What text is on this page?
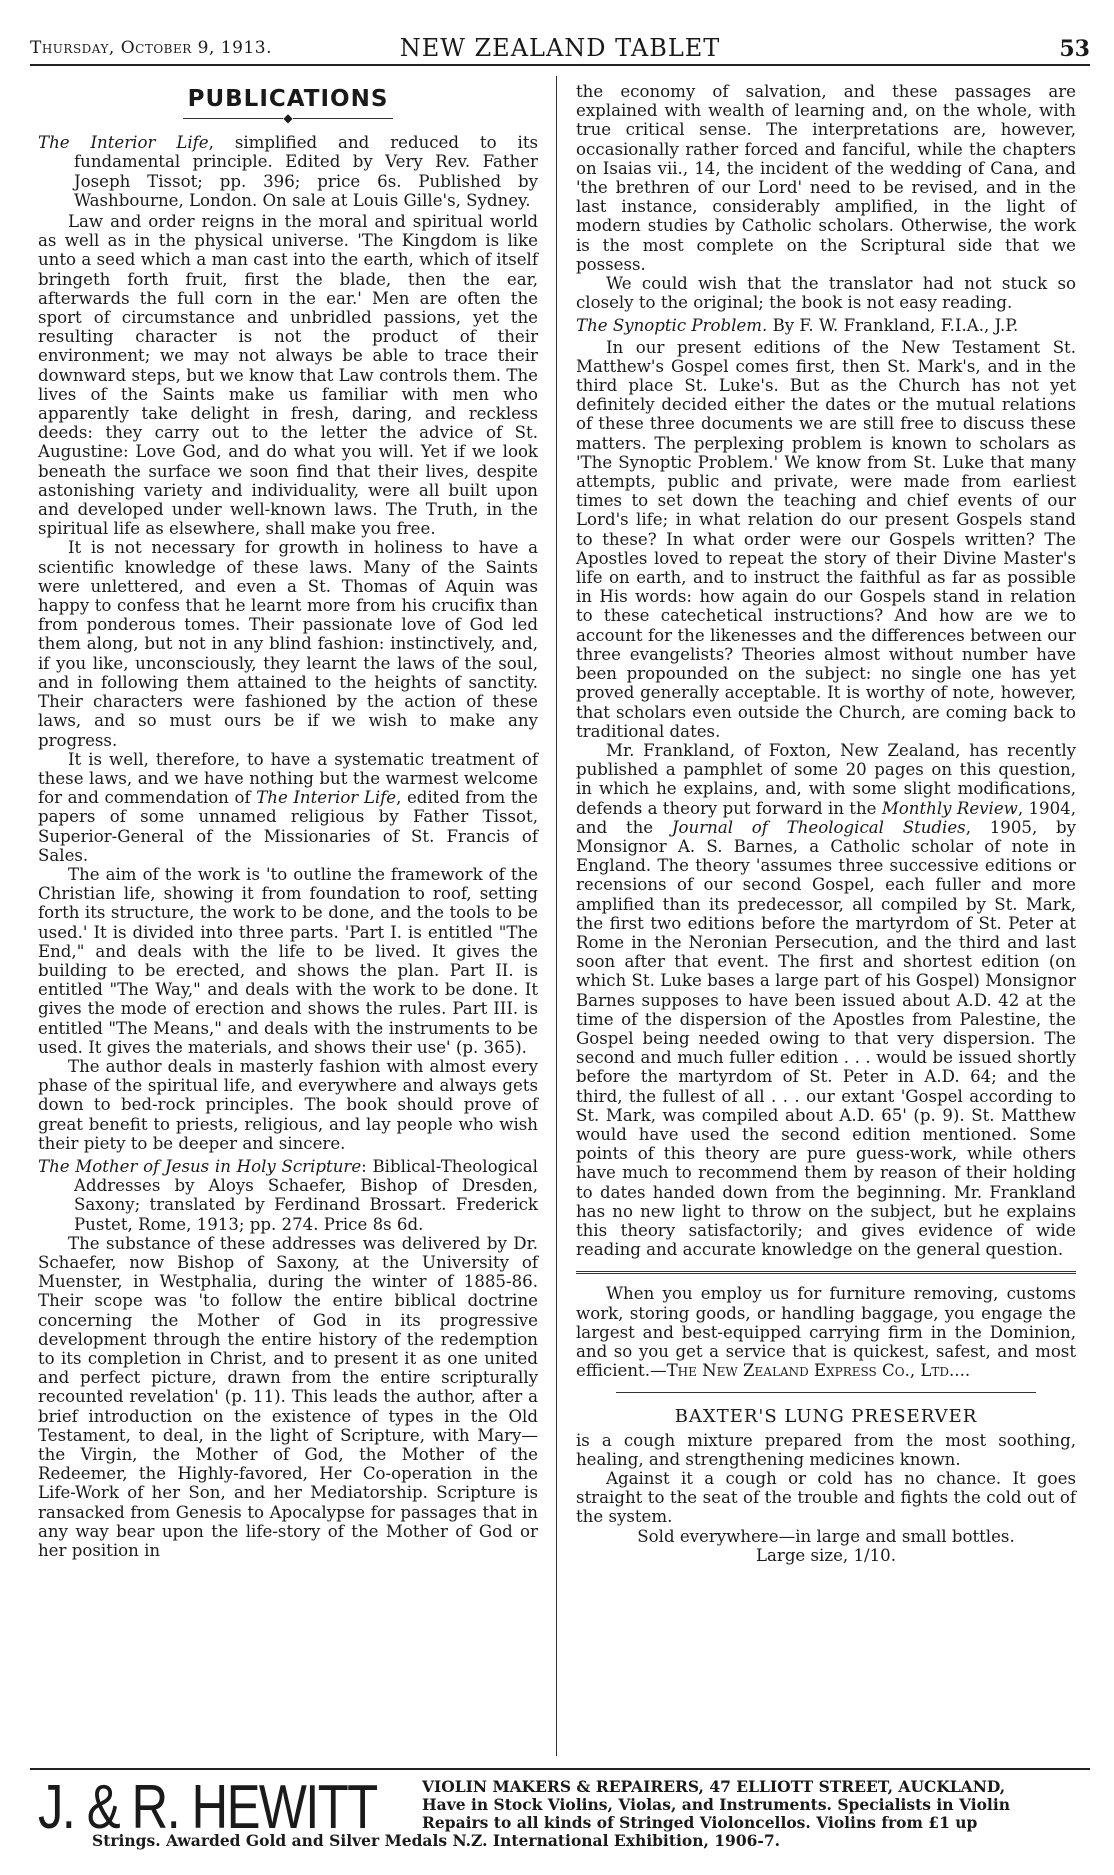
Thursday, October 9, 1913.	NEW ZEALAND TABLET	53
PUBLICATIONS
◆

The Interior Life, simplified and reduced to its fundamental principle. Edited by Very Rev. Father Joseph Tissot; pp. 396; price 6s. Published by Washbourne, London. On sale at Louis Gille's, Sydney.

Law and order reigns in the moral and spiritual world as well as in the physical universe. 'The Kingdom is like unto a seed which a man cast into the earth, which of itself bringeth forth fruit, first the blade, then the ear, afterwards the full corn in the ear.' Men are often the sport of circumstance and unbridled passions, yet the resulting character is not the product of their environment; we may not always be able to trace their downward steps, but we know that Law controls them. The lives of the Saints make us familiar with men who apparently take delight in fresh, daring, and reckless deeds: they carry out to the letter the advice of St. Augustine: Love God, and do what you will. Yet if we look beneath the surface we soon find that their lives, despite astonishing variety and individuality, were all built upon and developed under well-known laws. The Truth, in the spiritual life as elsewhere, shall make you free.

It is not necessary for growth in holiness to have a scientific knowledge of these laws. Many of the Saints were unlettered, and even a St. Thomas of Aquin was happy to confess that he learnt more from his crucifix than from ponderous tomes. Their passionate love of God led them along, but not in any blind fashion: instinctively, and, if you like, unconsciously, they learnt the laws of the soul, and in following them attained to the heights of sanctity. Their characters were fashioned by the action of these laws, and so must ours be if we wish to make any progress.

It is well, therefore, to have a systematic treatment of these laws, and we have nothing but the warmest welcome for and commendation of The Interior Life, edited from the papers of some unnamed religious by Father Tissot, Superior-General of the Missionaries of St. Francis of Sales.

The aim of the work is 'to outline the framework of the Christian life, showing it from foundation to roof, setting forth its structure, the work to be done, and the tools to be used.' It is divided into three parts. 'Part I. is entitled "The End," and deals with the life to be lived. It gives the building to be erected, and shows the plan. Part II. is entitled "The Way," and deals with the work to be done. It gives the mode of erection and shows the rules. Part III. is entitled "The Means," and deals with the instruments to be used. It gives the materials, and shows their use' (p. 365).

The author deals in masterly fashion with almost every phase of the spiritual life, and everywhere and always gets down to bed-rock principles. The book should prove of great benefit to priests, religious, and lay people who wish their piety to be deeper and sincere.

The Mother of Jesus in Holy Scripture: Biblical-Theological Addresses by Aloys Schaefer, Bishop of Dresden, Saxony; translated by Ferdinand Brossart. Frederick Pustet, Rome, 1913; pp. 274. Price 8s 6d.

The substance of these addresses was delivered by Dr. Schaefer, now Bishop of Saxony, at the University of Muenster, in Westphalia, during the winter of 1885-86. Their scope was 'to follow the entire biblical doctrine concerning the Mother of God in its progressive development through the entire history of the redemption to its completion in Christ, and to present it as one united and perfect picture, drawn from the entire scripturally recounted revelation' (p. 11). This leads the author, after a brief introduction on the existence of types in the Old Testament, to deal, in the light of Scripture, with Mary—the Virgin, the Mother of God, the Mother of the Redeemer, the Highly-favored, Her Co-operation in the Life-Work of her Son, and her Mediatorship. Scripture is ransacked from Genesis to Apocalypse for passages that in any way bear upon the life-story of the Mother of God or her position in

the economy of salvation, and these passages are explained with wealth of learning and, on the whole, with true critical sense. The interpretations are, however, occasionally rather forced and fanciful, while the chapters on Isaias vii., 14, the incident of the wedding of Cana, and 'the brethren of our Lord' need to be revised, and in the last instance, considerably amplified, in the light of modern studies by Catholic scholars. Otherwise, the work is the most complete on the Scriptural side that we possess.

We could wish that the translator had not stuck so closely to the original; the book is not easy reading.

The Synoptic Problem. By F. W. Frankland, F.I.A., J.P.

In our present editions of the New Testament St. Matthew's Gospel comes first, then St. Mark's, and in the third place St. Luke's. But as the Church has not yet definitely decided either the dates or the mutual relations of these three documents we are still free to discuss these matters. The perplexing problem is known to scholars as 'The Synoptic Problem.' We know from St. Luke that many attempts, public and private, were made from earliest times to set down the teaching and chief events of our Lord's life; in what relation do our present Gospels stand to these? In what order were our Gospels written? The Apostles loved to repeat the story of their Divine Master's life on earth, and to instruct the faithful as far as possible in His words: how again do our Gospels stand in relation to these catechetical instructions? And how are we to account for the likenesses and the differences between our three evangelists? Theories almost without number have been propounded on the subject: no single one has yet proved generally acceptable. It is worthy of note, however, that scholars even outside the Church, are coming back to traditional dates.

Mr. Frankland, of Foxton, New Zealand, has recently published a pamphlet of some 20 pages on this question, in which he explains, and, with some slight modifications, defends a theory put forward in the Monthly Review, 1904, and the Journal of Theological Studies, 1905, by Monsignor A. S. Barnes, a Catholic scholar of note in England. The theory 'assumes three successive editions or recensions of our second Gospel, each fuller and more amplified than its predecessor, all compiled by St. Mark, the first two editions before the martyrdom of St. Peter at Rome in the Neronian Persecution, and the third and last soon after that event. The first and shortest edition (on which St. Luke bases a large part of his Gospel) Monsignor Barnes supposes to have been issued about A.D. 42 at the time of the dispersion of the Apostles from Palestine, the Gospel being needed owing to that very dispersion. The second and much fuller edition . . . would be issued shortly before the martyrdom of St. Peter in A.D. 64; and the third, the fullest of all . . . our extant 'Gospel according to St. Mark, was compiled about A.D. 65' (p. 9). St. Matthew would have used the second edition mentioned. Some points of this theory are pure guess-work, while others have much to recommend them by reason of their holding to dates handed down from the beginning. Mr. Frankland has no new light to throw on the subject, but he explains this theory satisfactorily; and gives evidence of wide reading and accurate knowledge on the general question.

When you employ us for furniture removing, customs work, storing goods, or handling baggage, you engage the largest and best-equipped carrying firm in the Dominion, and so you get a service that is quickest, safest, and most efficient.—The New Zealand Express Co., Ltd....

BAXTER'S LUNG PRESERVER

is a cough mixture prepared from the most soothing, healing, and strengthening medicines known.

Against it a cough or cold has no chance. It goes straight to the seat of the trouble and fights the cold out of the system.

Sold everywhere—in large and small bottles.

Large size, 1/10.

J. & R. HEWITT	VIOLIN MAKERS & REPAIRERS, 47 ELLIOTT STREET, AUCKLAND,
Have in Stock Violins, Violas, and Instruments. Specialists in Violin
Repairs to all kinds of Stringed Violoncellos. Violins from £1 up
Strings. Awarded Gold and Silver Medals N.Z. International Exhibition, 1906-7.
